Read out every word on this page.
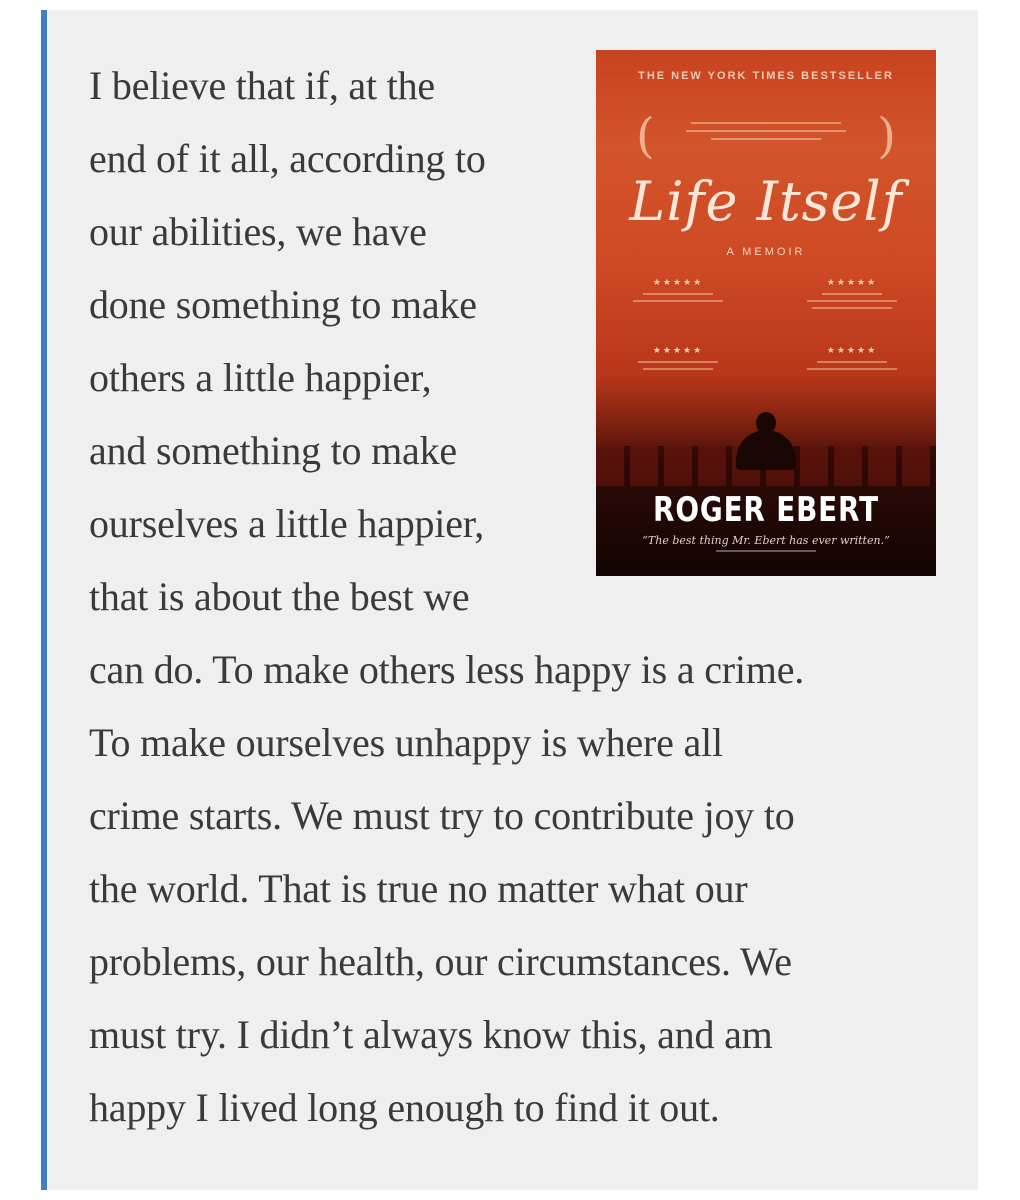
I believe that if, at the
end of it all, according to
our abilities, we have
done something to make
others a little happier,
and something to make
ourselves a little happier,
that is about the best we
can do. To make others less happy is a crime.
To make ourselves unhappy is where all
crime starts. We must try to contribute joy to
the world. That is true no matter what our
problems, our health, our circumstances. We
must try. I didn’t always know this, and am
happy I lived long enough to find it out.
THE NEW YORK TIMES BESTSELLER
(	)
Life Itself
A MEMOIR
★★★★★	★★★★★
★★★★★	★★★★★
ROGER EBERT
“The best thing Mr. Ebert has ever written.”
